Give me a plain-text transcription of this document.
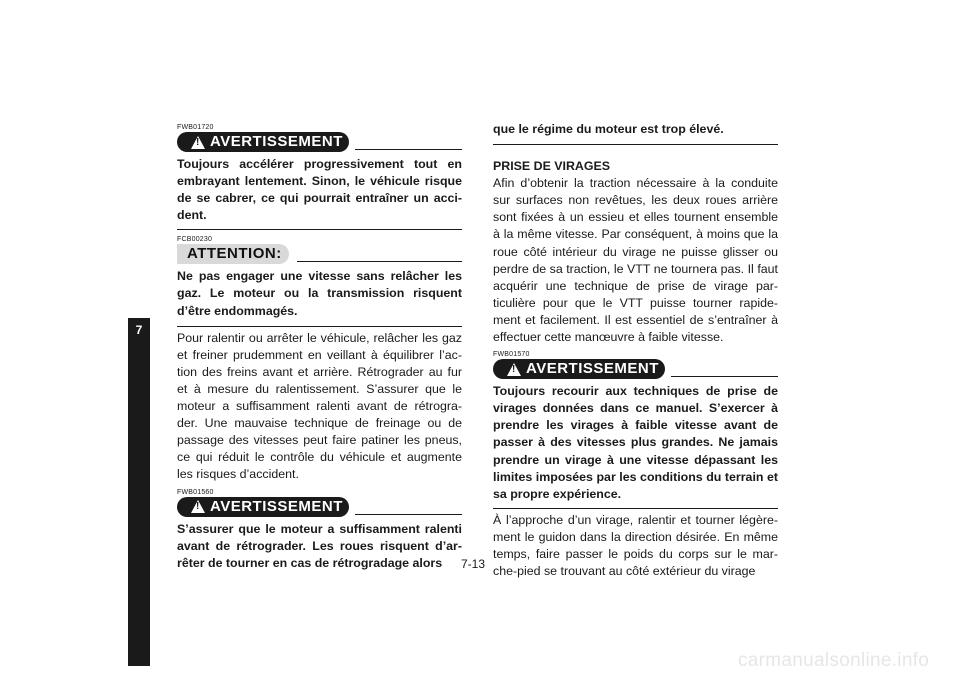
7
FWB01720
! AVERTISSEMENT

Toujours accélérer progressivement tout en embrayant lentement. Sinon, le véhicule risque de se cabrer, ce qui pourrait entraîner un acci-dent.

FCB00230
ATTENTION:

Ne pas engager une vitesse sans relâcher les gaz. Le moteur ou la transmission risquent d’être endommagés.

Pour ralentir ou arrêter le véhicule, relâcher les gaz et freiner prudemment en veillant à équilibrer l’ac-tion des freins avant et arrière. Rétrograder au fur et à mesure du ralentissement. S’assurer que le moteur a suffisamment ralenti avant de rétrogra-der. Une mauvaise technique de freinage ou de passage des vitesses peut faire patiner les pneus, ce qui réduit le contrôle du véhicule et augmente les risques d’accident.

FWB01560
! AVERTISSEMENT

S’assurer que le moteur a suffisamment ralenti avant de rétrograder. Les roues risquent d’ar-rêter de tourner en cas de rétrogradage alors

que le régime du moteur est trop élevé.

PRISE DE VIRAGES

Afin d’obtenir la traction nécessaire à la conduite sur surfaces non revêtues, les deux roues arrière sont fixées à un essieu et elles tournent ensemble à la même vitesse. Par conséquent, à moins que la roue côté intérieur du virage ne puisse glisser ou perdre de sa traction, le VTT ne tournera pas. Il faut acquérir une technique de prise de virage par-ticulière pour que le VTT puisse tourner rapide-ment et facilement. Il est essentiel de s’entraîner à effectuer cette manœuvre à faible vitesse.

FWB01570
! AVERTISSEMENT

Toujours recourir aux techniques de prise de virages données dans ce manuel. S’exercer à prendre les virages à faible vitesse avant de passer à des vitesses plus grandes. Ne jamais prendre un virage à une vitesse dépassant les limites imposées par les conditions du terrain et sa propre expérience.

À l’approche d’un virage, ralentir et tourner légère-ment le guidon dans la direction désirée. En même temps, faire passer le poids du corps sur le mar-che-pied se trouvant au côté extérieur du virage

7-13
carmanualsonline.info
